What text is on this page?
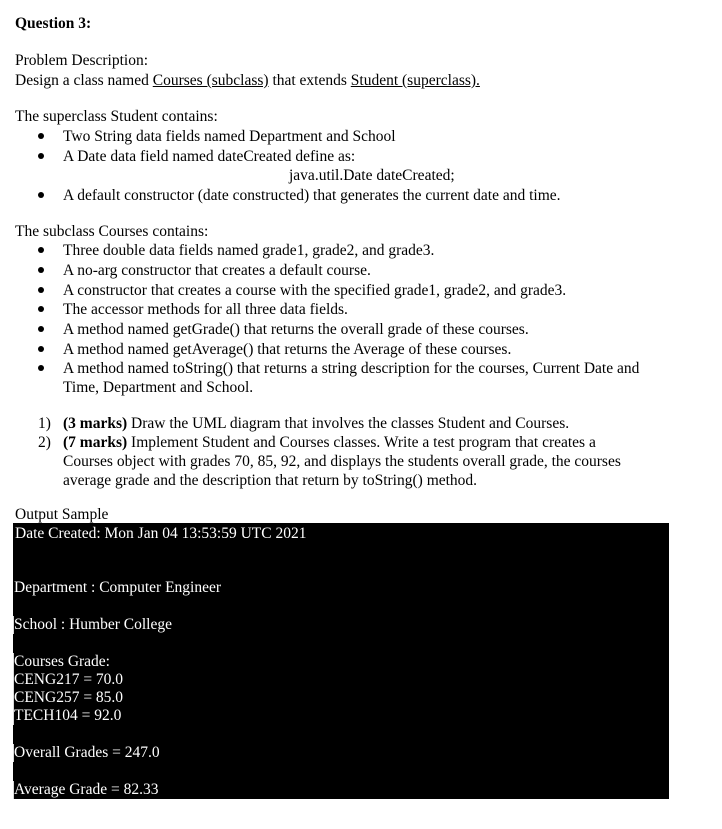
Question 3:
Problem Description:
Design a class named Courses (subclass) that extends Student (superclass).
The superclass Student contains:
Two String data fields named Department and School
A Date data field named dateCreated define as:
java.util.Date dateCreated;
A default constructor (date constructed) that generates the current date and time.
The subclass Courses contains:
Three double data fields named grade1, grade2, and grade3.
A no-arg constructor that creates a default course.
A constructor that creates a course with the specified grade1, grade2, and grade3.
The accessor methods for all three data fields.
A method named getGrade() that returns the overall grade of these courses.
A method named getAverage() that returns the Average of these courses.
A method named toString() that returns a string description for the courses, Current Date and
Time, Department and School.
1) (3 marks) Draw the UML diagram that involves the classes Student and Courses.
2) (7 marks) Implement Student and Courses classes. Write a test program that creates a
Courses object with grades 70, 85, 92, and displays the students overall grade, the courses
average grade and the description that return by toString() method.
Output Sample
Date Created: Mon Jan 04 13:53:59 UTC 2021
Department : Computer Engineer
School : Humber College
Courses Grade:
CENG217 = 70.0
CENG257 = 85.0
TECH104 = 92.0
Overall Grades = 247.0
Average Grade = 82.33
